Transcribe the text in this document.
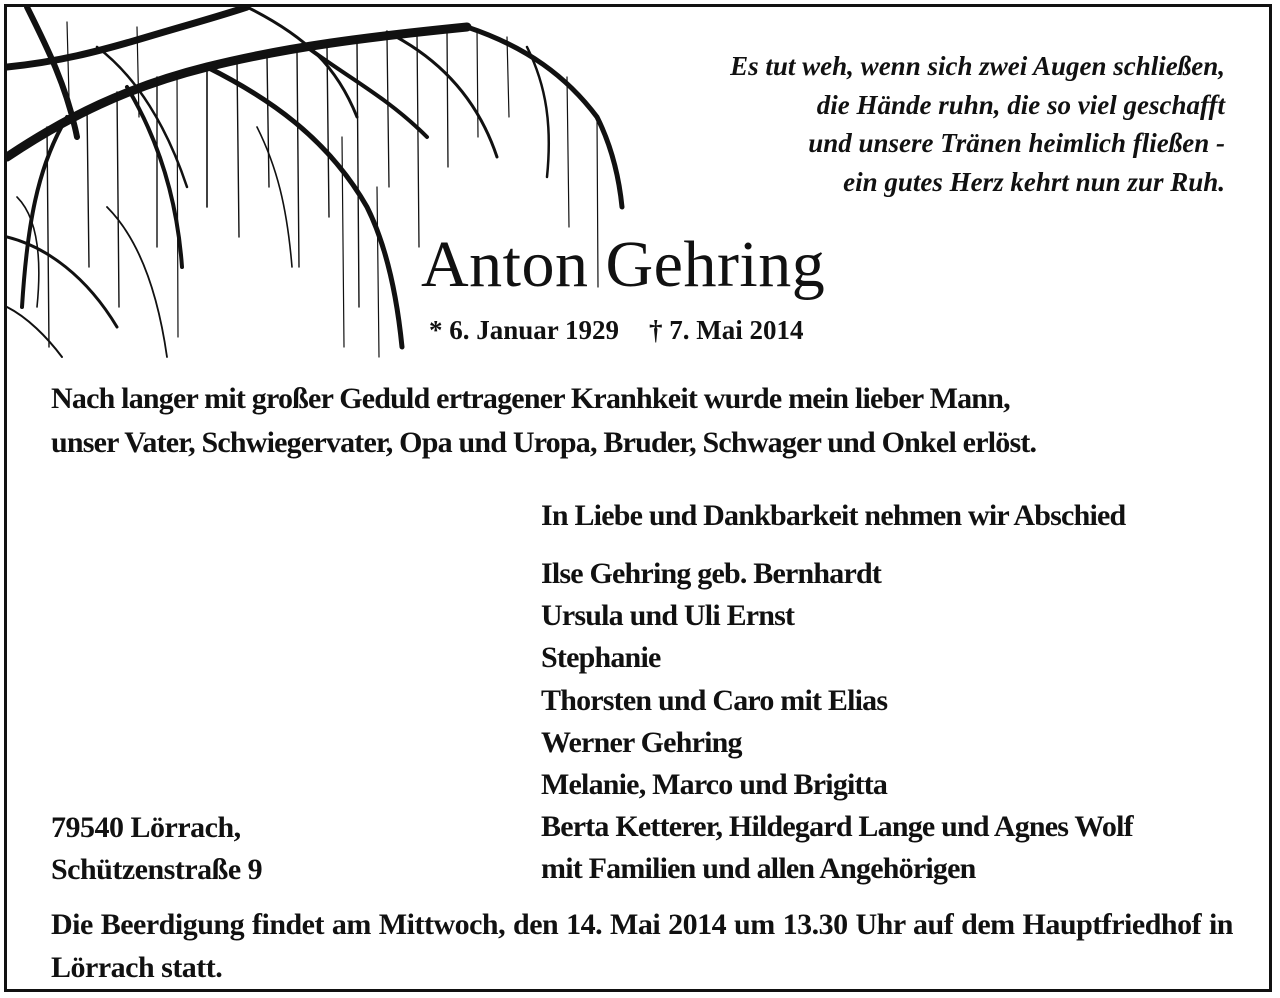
Es tut weh, wenn sich zwei Augen schließen,
die Hände ruhn, die so viel geschafft
und unsere Tränen heimlich fließen -
ein gutes Herz kehrt nun zur Ruh.
Anton Gehring
* 6. Januar 1929 † 7. Mai 2014
Nach langer mit großer Geduld ertragener Kranhkeit wurde mein lieber Mann,
unser Vater, Schwiegervater, Opa und Uropa, Bruder, Schwager und Onkel erlöst.
In Liebe und Dankbarkeit nehmen wir Abschied
Ilse Gehring geb. Bernhardt
Ursula und Uli Ernst
Stephanie
Thorsten und Caro mit Elias
Werner Gehring
Melanie, Marco und Brigitta
Berta Ketterer, Hildegard Lange und Agnes Wolf
mit Familien und allen Angehörigen
79540 Lörrach,
Schützenstraße 9
Die Beerdigung findet am Mittwoch, den 14. Mai 2014 um 13.30 Uhr auf dem Hauptfriedhof in Lörrach statt.
